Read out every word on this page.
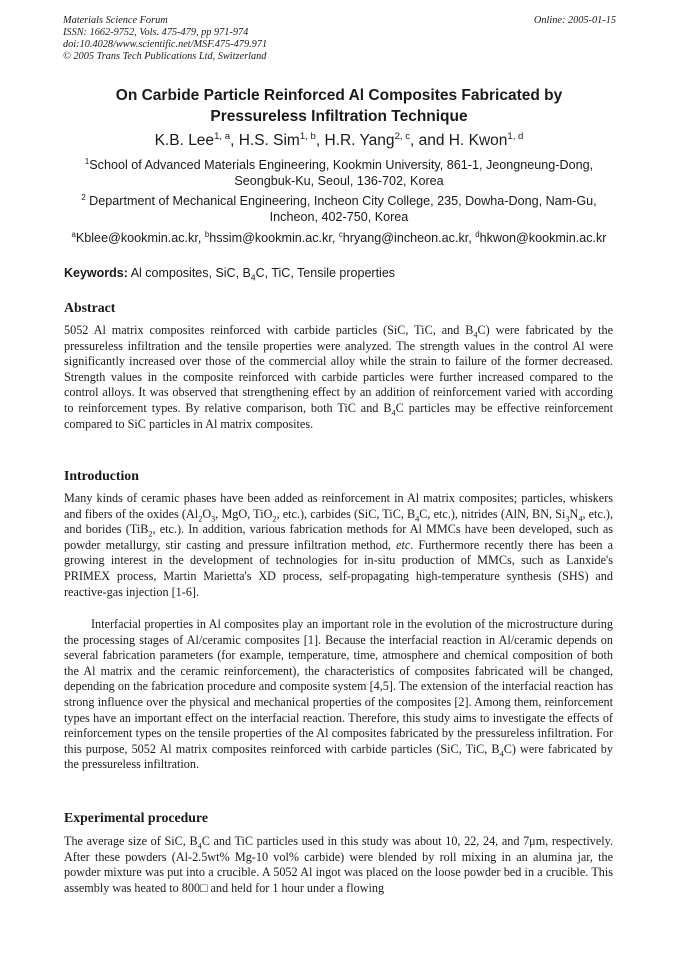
Materials Science Forum
ISSN: 1662-9752, Vols. 475-479, pp 971-974
doi:10.4028/www.scientific.net/MSF.475-479.971
© 2005 Trans Tech Publications Ltd, Switzerland
Online: 2005-01-15
On Carbide Particle Reinforced Al Composites Fabricated by
Pressureless Infiltration Technique
K.B. Lee$^{1, a}$, H.S. Sim$^{1, b}$, H.R. Yang$^{2, c}$, and H. Kwon$^{1, d}$
$^1$School of Advanced Materials Engineering, Kookmin University, 861-1, Jeongneung-Dong,
Seongbuk-Ku, Seoul, 136-702, Korea
$^2$ Department of Mechanical Engineering, Incheon City College, 235, Dowha-Dong, Nam-Gu,
Incheon, 402-750, Korea
$^a$Kblee@kookmin.ac.kr, $^b$hssim@kookmin.ac.kr, $^c$hryang@incheon.ac.kr, $^d$hkwon@kookmin.ac.kr
Keywords: Al composites, SiC, $B_4C$, TiC, Tensile properties
Abstract
5052 Al matrix composites reinforced with carbide particles (SiC, TiC, and $B_4C$) were fabricated by the pressureless infiltration and the tensile properties were analyzed. The strength values in the control Al were significantly increased over those of the commercial alloy while the strain to failure of the former decreased. Strength values in the composite reinforced with carbide particles were further increased compared to the control alloys. It was observed that strengthening effect by an addition of reinforcement varied with according to reinforcement types. By relative comparison, both TiC and $B_4C$ particles may be effective reinforcement compared to SiC particles in Al matrix composites.
Introduction
Many kinds of ceramic phases have been added as reinforcement in Al matrix composites; particles, whiskers and fibers of the oxides ($Al_2O_3$, MgO, TiO$_2$, etc.), carbides (SiC, TiC, $B_4C$, etc.), nitrides (AlN, BN, $Si_3N_4$, etc.), and borides (TiB$_2$, etc.). In addition, various fabrication methods for Al MMCs have been developed, such as powder metallurgy, stir casting and pressure infiltration method, etc. Furthermore recently there has been a growing interest in the development of technologies for in-situ production of MMCs, such as Lanxide's PRIMEX process, Martin Marietta's XD process, self-propagating high-temperature synthesis (SHS) and reactive-gas injection [1-6].
Interfacial properties in Al composites play an important role in the evolution of the microstructure during the processing stages of Al/ceramic composites [1]. Because the interfacial reaction in Al/ceramic depends on several fabrication parameters (for example, temperature, time, atmosphere and chemical composition of both the Al matrix and the ceramic reinforcement), the characteristics of composites fabricated will be changed, depending on the fabrication procedure and composite system [4,5]. The extension of the interfacial reaction has strong influence over the physical and mechanical properties of the composites [2]. Among them, reinforcement types have an important effect on the interfacial reaction. Therefore, this study aims to investigate the effects of reinforcement types on the tensile properties of the Al composites fabricated by the pressureless infiltration. For this purpose, 5052 Al matrix composites reinforced with carbide particles (SiC, TiC, $B_4C$) were fabricated by the pressureless infiltration.
Experimental procedure
The average size of SiC, $B_4C$ and TiC particles used in this study was about 10, 22, 24, and 7μm, respectively. After these powders (Al-2.5wt% Mg-10 vol% carbide) were blended by roll mixing in an alumina jar, the powder mixture was put into a crucible. A 5052 Al ingot was placed on the loose powder bed in a crucible. This assembly was heated to 800□ and held for 1 hour under a flowing
